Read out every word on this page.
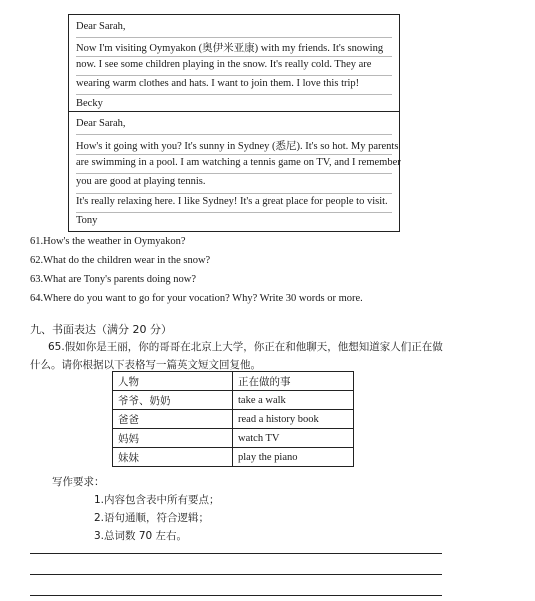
Dear Sarah,
Now I'm visiting Oymyakon (奥伊米亚康) with my friends. It's snowing
now. I see some children playing in the snow. It's really cold. They are
wearing warm clothes and hats. I want to join them. I love this trip!
Becky
Dear Sarah,
How's it going with you? It's sunny in Sydney (悉尼). It's so hot. My parents
are swimming in a pool. I am watching a tennis game on TV, and I remember
you are good at playing tennis.
It's really relaxing here. I like Sydney! It's a great place for people to visit.
Tony
61.How's the weather in Oymyakon?
62.What do the children wear in the snow?
63.What are Tony's parents doing now?
64.Where do you want to go for your vocation? Why? Write 30 words or more.
九、书面表达（满分 20 分）
65.假如你是王丽，你的哥哥在北京上大学，你正在和他聊天，他想知道家人们正在做
什么。请你根据以下表格写一篇英文短文回复他。
人物	正在做的事
爷爷、奶奶	take a walk
爸爸	read a history book
妈妈	watch TV
妹妹	play the piano
写作要求：
1.内容包含表中所有要点；
2.语句通顺，符合逻辑；
3.总词数 70 左右。
